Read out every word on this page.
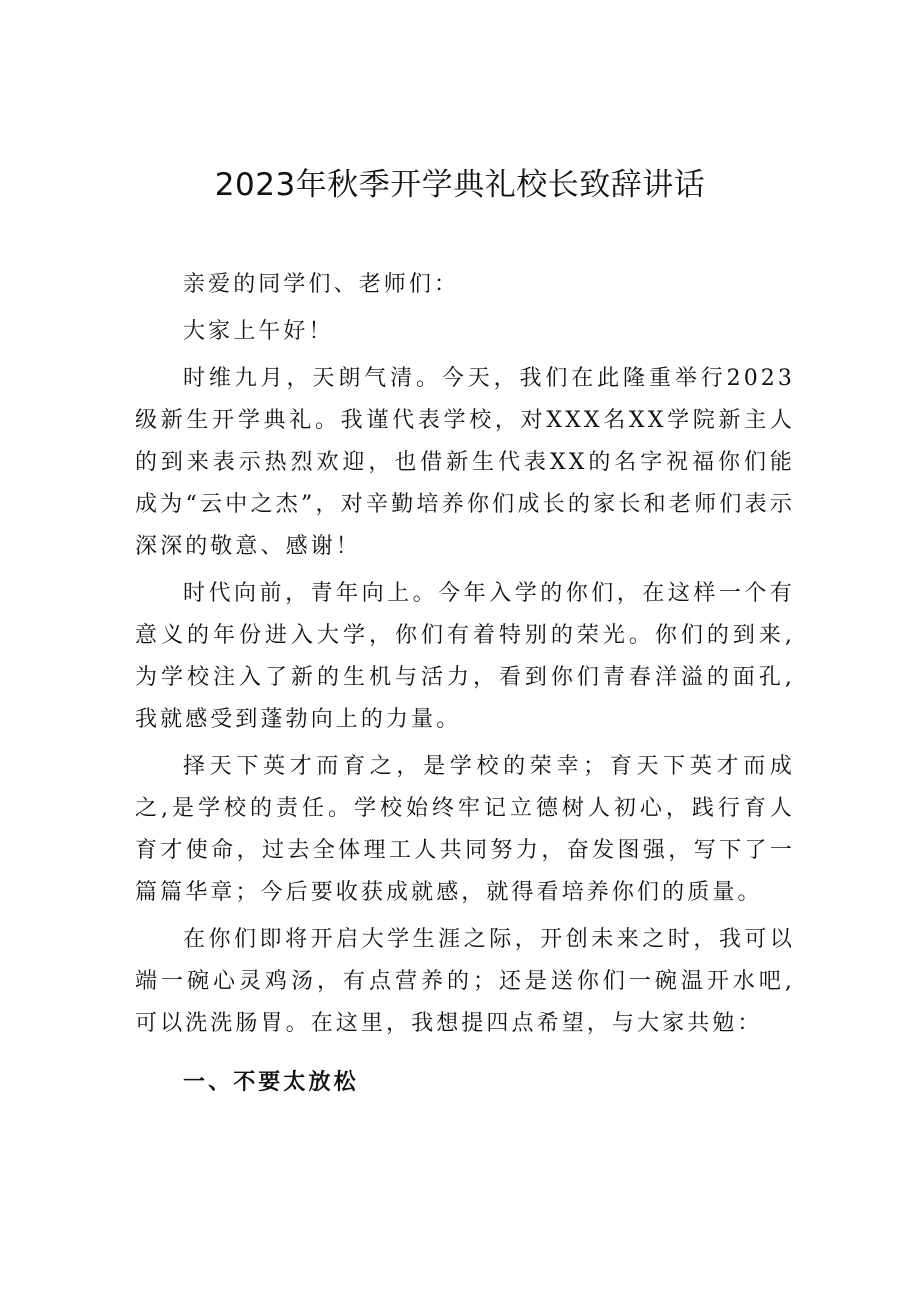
2023年秋季开学典礼校长致辞讲话

亲爱的同学们、老师们：

大家上午好！

时维九月，天朗气清。今天，我们在此隆重举行2023级新生开学典礼。我谨代表学校，对XXX名XX学院新主人的到来表示热烈欢迎，也借新生代表XX的名字祝福你们能成为“云中之杰”，对辛勤培养你们成长的家长和老师们表示深深的敬意、感谢！

时代向前，青年向上。今年入学的你们，在这样一个有意义的年份进入大学，你们有着特别的荣光。你们的到来,为学校注入了新的生机与活力，看到你们青春洋溢的面孔,我就感受到蓬勃向上的力量。

择天下英才而育之，是学校的荣幸；育天下英才而成之,是学校的责任。学校始终牢记立德树人初心，践行育人育才使命，过去全体理工人共同努力，奋发图强，写下了一篇篇华章；今后要收获成就感，就得看培养你们的质量。

在你们即将开启大学生涯之际，开创未来之时，我可以端一碗心灵鸡汤，有点营养的；还是送你们一碗温开水吧,可以洗洗肠胃。在这里，我想提四点希望，与大家共勉：

一、不要太放松
